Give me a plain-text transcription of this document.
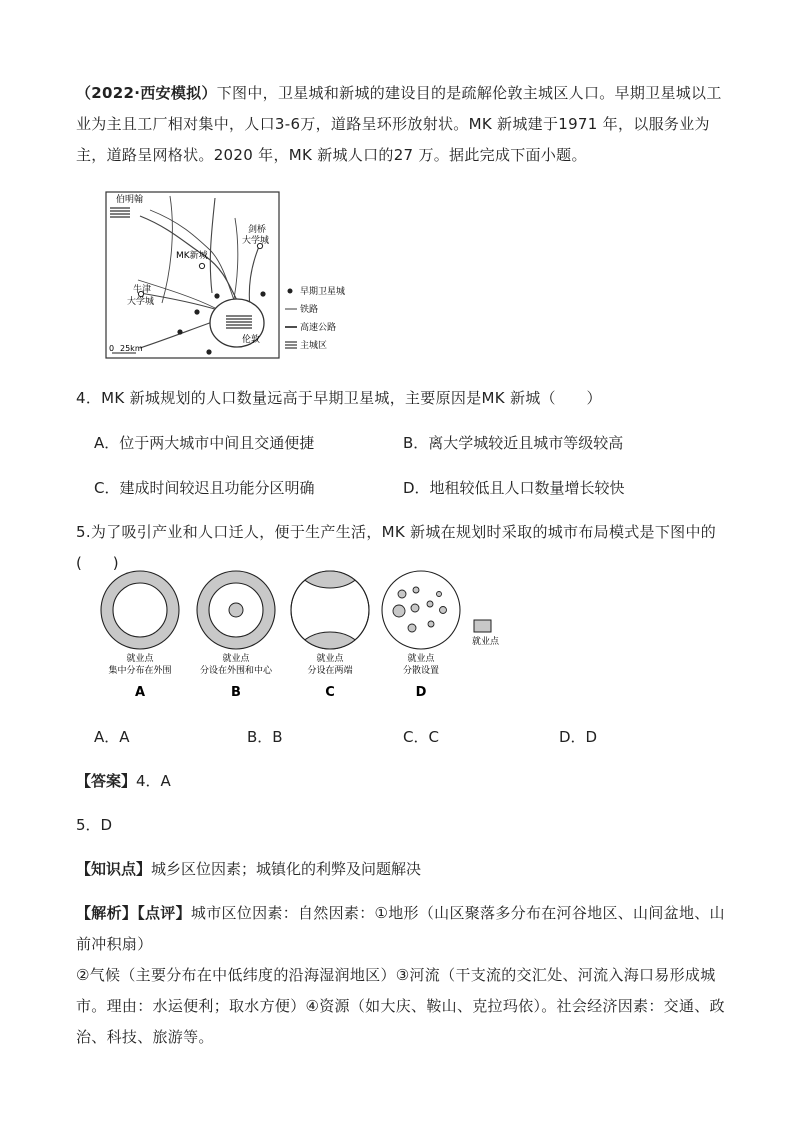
（2022·西安模拟）下图中，卫星城和新城的建设目的是疏解伦敦主城区人口。早期卫星城以工业为主且工厂相对集中，人口3-6万，道路呈环形放射状。MK 新城建于1971 年，以服务业为主，道路呈网格状。2020 年，MK 新城人口的27 万。据此完成下面小题。
伯明翰
剑桥
大学城
MK新城
牛津
大学城
伦敦
0 25km
早期卫星城
铁路
高速公路
主城区
4．MK 新城规划的人口数量远高于早期卫星城，主要原因是MK 新城（　　）
A．位于两大城市中间且交通便捷	B．离大学城较近且城市等级较高
C．建成时间较迟且功能分区明确	D．地租较低且人口数量增长较快
5.为了吸引产业和人口迁人，便于生产生活，MK 新城在规划时采取的城市布局模式是下图中的(　　)
就业点
就业点
集中分布在外围
A
就业点
分设在外围和中心
B
就业点
分设在两端
C
就业点
分散设置
D
A．A	B．B	C．C	D．D
【答案】4．A
5．D
【知识点】城乡区位因素；城镇化的利弊及问题解决
【解析】【点评】城市区位因素：自然因素：①地形（山区聚落多分布在河谷地区、山间盆地、山前冲积扇）
②气候（主要分布在中低纬度的沿海湿润地区）③河流（干支流的交汇处、河流入海口易形成城市。理由：水运便利；取水方便）④资源（如大庆、鞍山、克拉玛依）。社会经济因素：交通、政治、科技、旅游等。
